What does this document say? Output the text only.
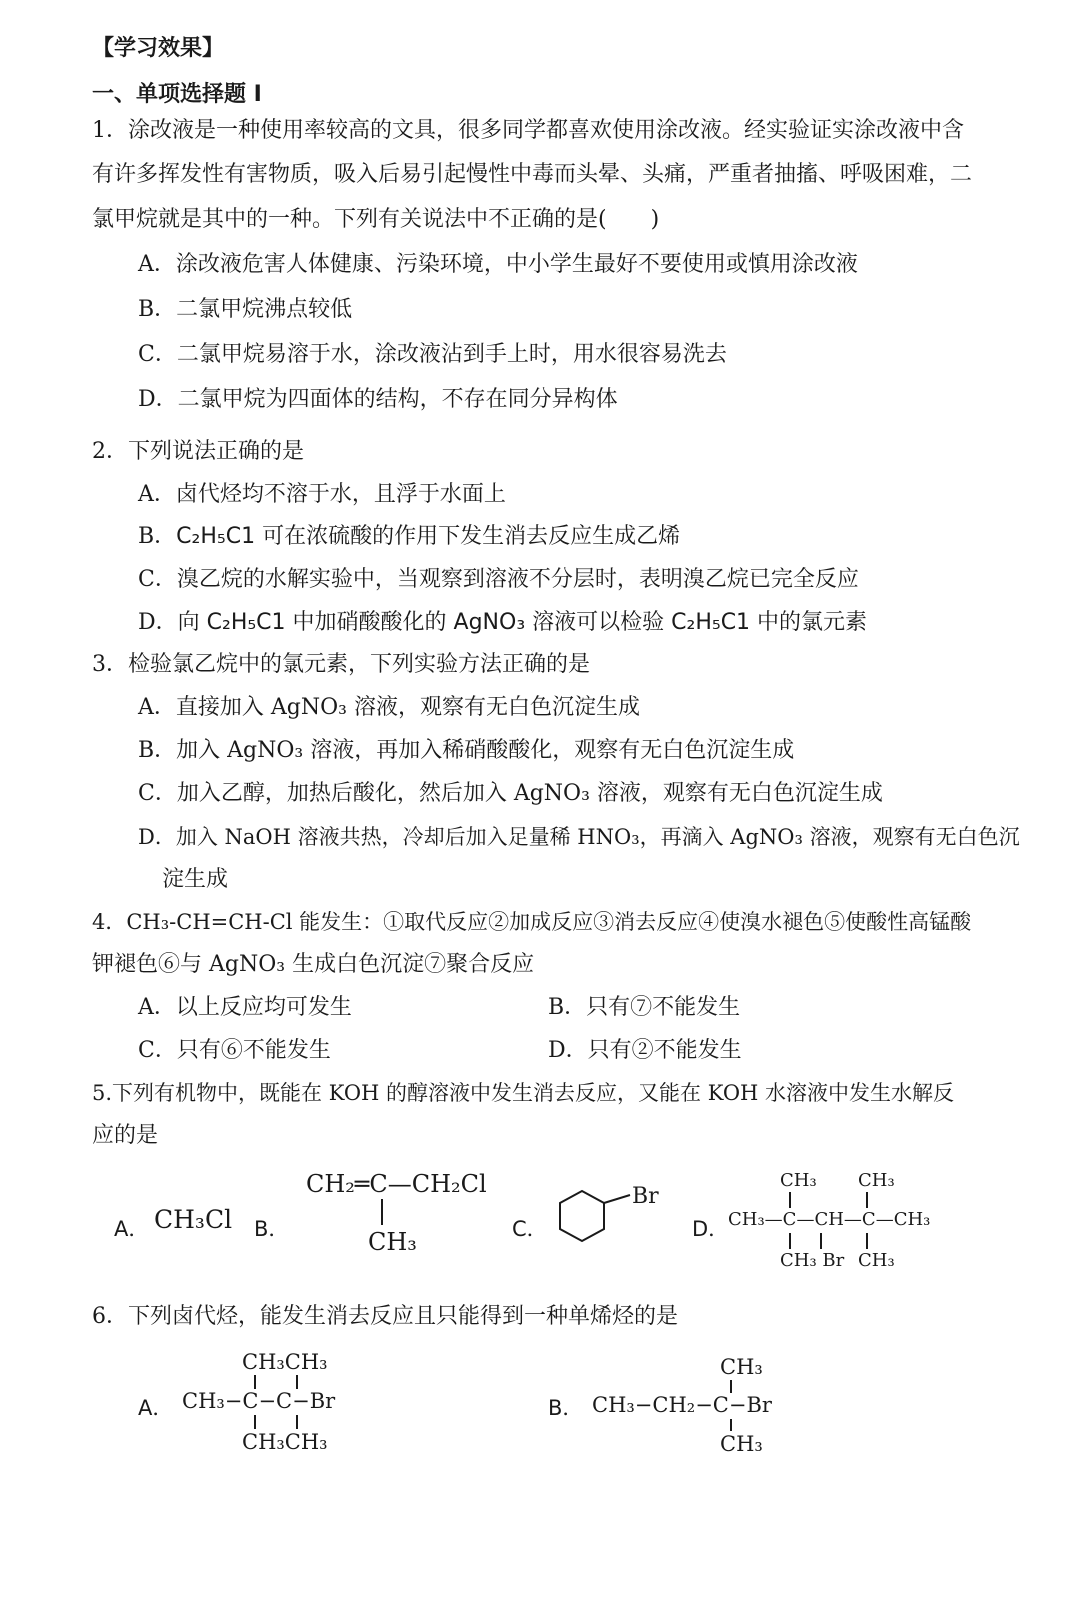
【学习效果】
一、单项选择题 I
1．涂改液是一种使用率较高的文具，很多同学都喜欢使用涂改液。经实验证实涂改液中含
有许多挥发性有害物质，吸入后易引起慢性中毒而头晕、头痛，严重者抽搐、呼吸困难，二
氯甲烷就是其中的一种。下列有关说法中不正确的是(　　)
A．涂改液危害人体健康、污染环境，中小学生最好不要使用或慎用涂改液
B．二氯甲烷沸点较低
C．二氯甲烷易溶于水，涂改液沾到手上时，用水很容易洗去
D．二氯甲烷为四面体的结构，不存在同分异构体
2．下列说法正确的是
A．卤代烃均不溶于水，且浮于水面上
B．C₂H₅C1 可在浓硫酸的作用下发生消去反应生成乙烯
C．溴乙烷的水解实验中，当观察到溶液不分层时，表明溴乙烷已完全反应
D．向 C₂H₅C1 中加硝酸酸化的 AgNO₃ 溶液可以检验 C₂H₅C1 中的氯元素
3．检验氯乙烷中的氯元素，下列实验方法正确的是
A．直接加入 AgNO₃ 溶液，观察有无白色沉淀生成
B．加入 AgNO₃ 溶液，再加入稀硝酸酸化，观察有无白色沉淀生成
C．加入乙醇，加热后酸化，然后加入 AgNO₃ 溶液，观察有无白色沉淀生成
D．加入 NaOH 溶液共热，冷却后加入足量稀 HNO₃，再滴入 AgNO₃ 溶液，观察有无白色沉
淀生成
4．CH₃-CH=CH-Cl 能发生：①取代反应②加成反应③消去反应④使溴水褪色⑤使酸性高锰酸
钾褪色⑥与 AgNO₃ 生成白色沉淀⑦聚合反应
A．以上反应均可发生	B．只有⑦不能发生
C．只有⑥不能发生	D．只有②不能发生
5.下列有机物中，既能在 KOH 的醇溶液中发生消去反应，又能在 KOH 水溶液中发生水解反
应的是
A． CH₃Cl B．
CH₂═C—CH₂Cl
CH₃	C．
Br
D．
CH₃ CH₃
CH₃—C—CH—C—CH₃
CH₃ Br CH₃
6．下列卤代烃，能发生消去反应且只能得到一种单烯烃的是
A．
CH₃CH₃
CH₃−C−C−Br
CH₃CH₃
B．
CH₃
CH₃−CH₂−C−Br
CH₃
